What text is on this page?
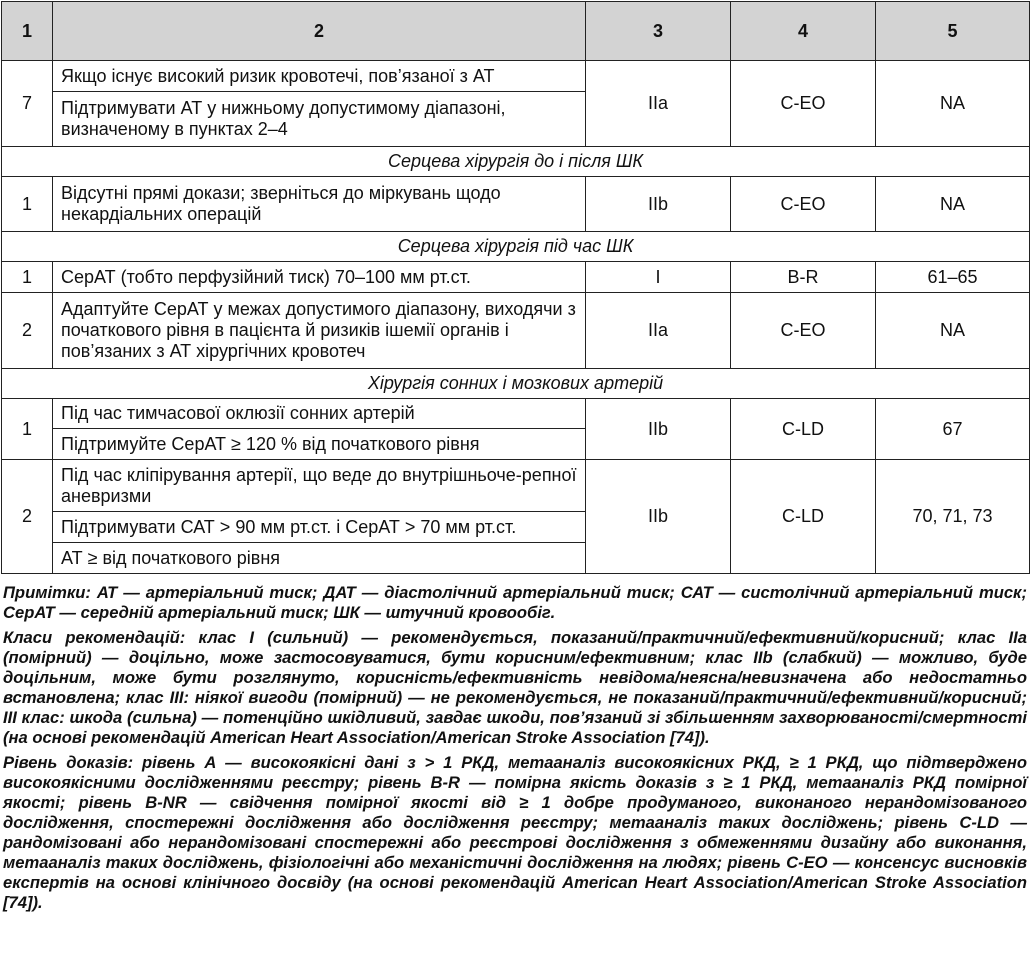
1	2	3	4	5
7	Якщо існує високий ризик кровотечі, пов’язаної з АТ	IIa	C-EO	NA
	Підтримувати АТ у нижньому допустимому діапазоні, визначеному в пунктах 2–4			
Серцева хірургія до і після ШК				
1	Відсутні прямі докази; зверніться до міркувань щодо некардіальних операцій	IIb	C-EO	NA
Серцева хірургія під час ШК				
1	СерАТ (тобто перфузійний тиск) 70–100 мм рт.ст.	I	B-R	61–65
2	Адаптуйте СерАТ у межах допустимого діапазону, виходячи з початкового рівня в пацієнта й ризиків ішемії органів і пов’язаних з АТ хірургічних кровотеч	IIa	C-EO	NA
Хірургія сонних і мозкових артерій				
1	Під час тимчасової оклюзії сонних артерій	IIb	C-LD	67
	Підтримуйте СерАТ ≥ 120 % від початкового рівня			
2	Під час кліпірування артерії, що веде до внутрішньоче-репної аневризми	IIb	C-LD	70, 71, 73
	Підтримувати САТ > 90 мм рт.ст. і СерАТ > 70 мм рт.ст.			
	АТ ≥ від початкового рівня			

Примітки: АТ — артеріальний тиск; ДАТ — діастолічний артеріальний тиск; САТ — систолічний артеріальний тиск; СерАТ — середній артеріальний тиск; ШК — штучний кровообіг.

Класи рекомендацій: клас I (сильний) — рекомендується, показаний/практичний/ефективний/корисний; клас IIa (помірний) — доцільно, може застосовуватися, бути корисним/ефективним; клас IIb (слабкий) — можливо, буде доцільним, може бути розглянуто, корисність/ефективність невідома/неясна/невизначена або недостатньо встановлена; клас III: ніякої вигоди (помірний) — не рекомендується, не показаний/практичний/ефективний/корисний; III клас: шкода (сильна) — потенційно шкідливий, завдає шкоди, пов’язаний зі збільшенням захворюваності/смертності (на основі рекомендацій American Heart Association/American Stroke Association [74]).

Рівень доказів: рівень А — високоякісні дані з > 1 РКД, метааналіз високоякісних РКД, ≥ 1 РКД, що підтверджено високоякісними дослідженнями реєстру; рівень B-R — помірна якість доказів з ≥ 1 РКД, метааналіз РКД помірної якості; рівень B-NR — свідчення помірної якості від ≥ 1 добре продуманого, виконаного нерандомізованого дослідження, спостережні дослідження або дослідження реєстру; метааналіз таких досліджень; рівень C-LD — рандомізовані або нерандомізовані спостережні або реєстрові дослідження з обмеженнями дизайну або виконання, метааналіз таких досліджень, фізіологічні або механістичні дослідження на людях; рівень C-EO — консенсус висновків експертів на основі клінічного досвіду (на основі рекомендацій American Heart Association/American Stroke Association [74]).
